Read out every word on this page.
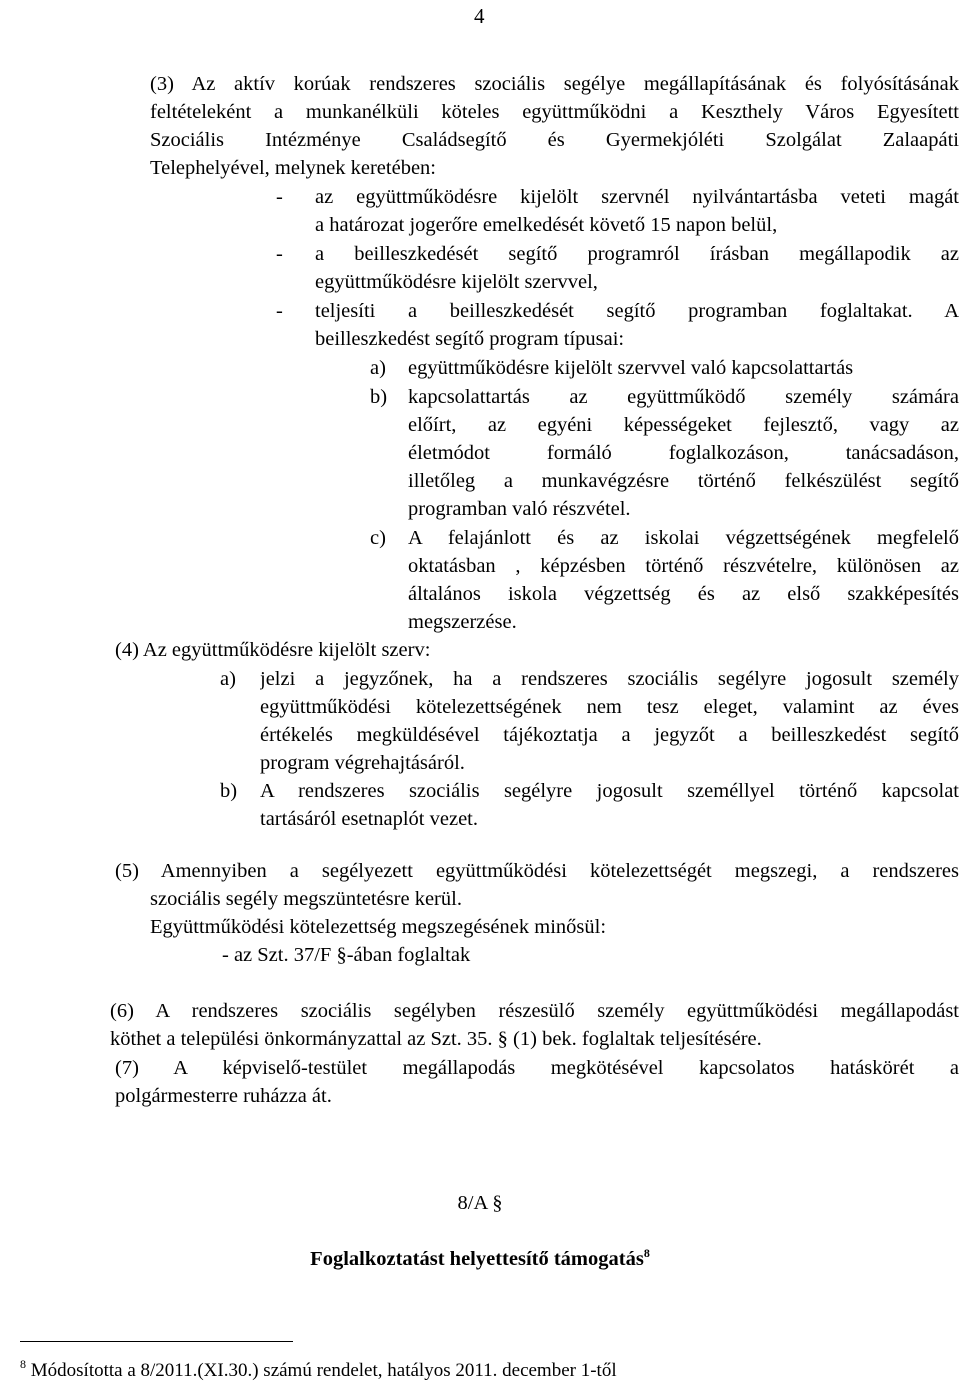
4
(3) Az aktív korúak rendszeres szociális segélye megállapításának és folyósításának
feltételeként a munkanélküli köteles együttműködni a Keszthely Város Egyesített
Szociális Intézménye Családsegítő és Gyermekjóléti Szolgálat Zalaapáti
Telephelyével, melynek keretében:
-	az együttműködésre kijelölt szervnél nyilvántartásba veteti magát
a határozat jogerőre emelkedését követő 15 napon belül,
-	a beilleszkedését segítő programról írásban megállapodik az
együttműködésre kijelölt szervvel,
-	teljesíti a beilleszkedését segítő programban foglaltakat. A
beilleszkedést segítő program típusai:
a)	együttműködésre kijelölt szervvel való kapcsolattartás
b)	kapcsolattartás az együttműködő személy számára
előírt, az egyéni képességeket fejlesztő, vagy az
életmódot formáló foglalkozáson, tanácsadáson,
illetőleg a munkavégzésre történő felkészülést segítő
programban való részvétel.
c)	A felajánlott és az iskolai végzettségének megfelelő
oktatásban , képzésben történő részvételre, különösen az
általános iskola végzettség és az első szakképesítés
megszerzése.
(4) Az együttműködésre kijelölt szerv:
a)	jelzi a jegyzőnek, ha a rendszeres szociális segélyre jogosult személy
együttműködési kötelezettségének nem tesz eleget, valamint az éves
értékelés megküldésével tájékoztatja a jegyzőt a beilleszkedést segítő
program végrehajtásáról.
b)	A rendszeres szociális segélyre jogosult személlyel történő kapcsolat
tartásáról esetnaplót vezet.
(5) Amennyiben a segélyezett együttműködési kötelezettségét megszegi, a rendszeres
szociális segély megszüntetésre kerül.
Együttműködési kötelezettség megszegésének minősül:
- az Szt. 37/F §-ában foglaltak
(6) A rendszeres szociális segélyben részesülő személy együttműködési megállapodást
köthet a települési önkormányzattal az Szt. 35. § (1) bek. foglaltak teljesítésére.
(7) A képviselő-testület megállapodás megkötésével kapcsolatos hatáskörét a
polgármesterre ruházza át.
8/A §
Foglalkoztatást helyettesítő támogatás$^8$
$^8$ Módosította a 8/2011.(XI.30.) számú rendelet, hatályos 2011. december 1-től
